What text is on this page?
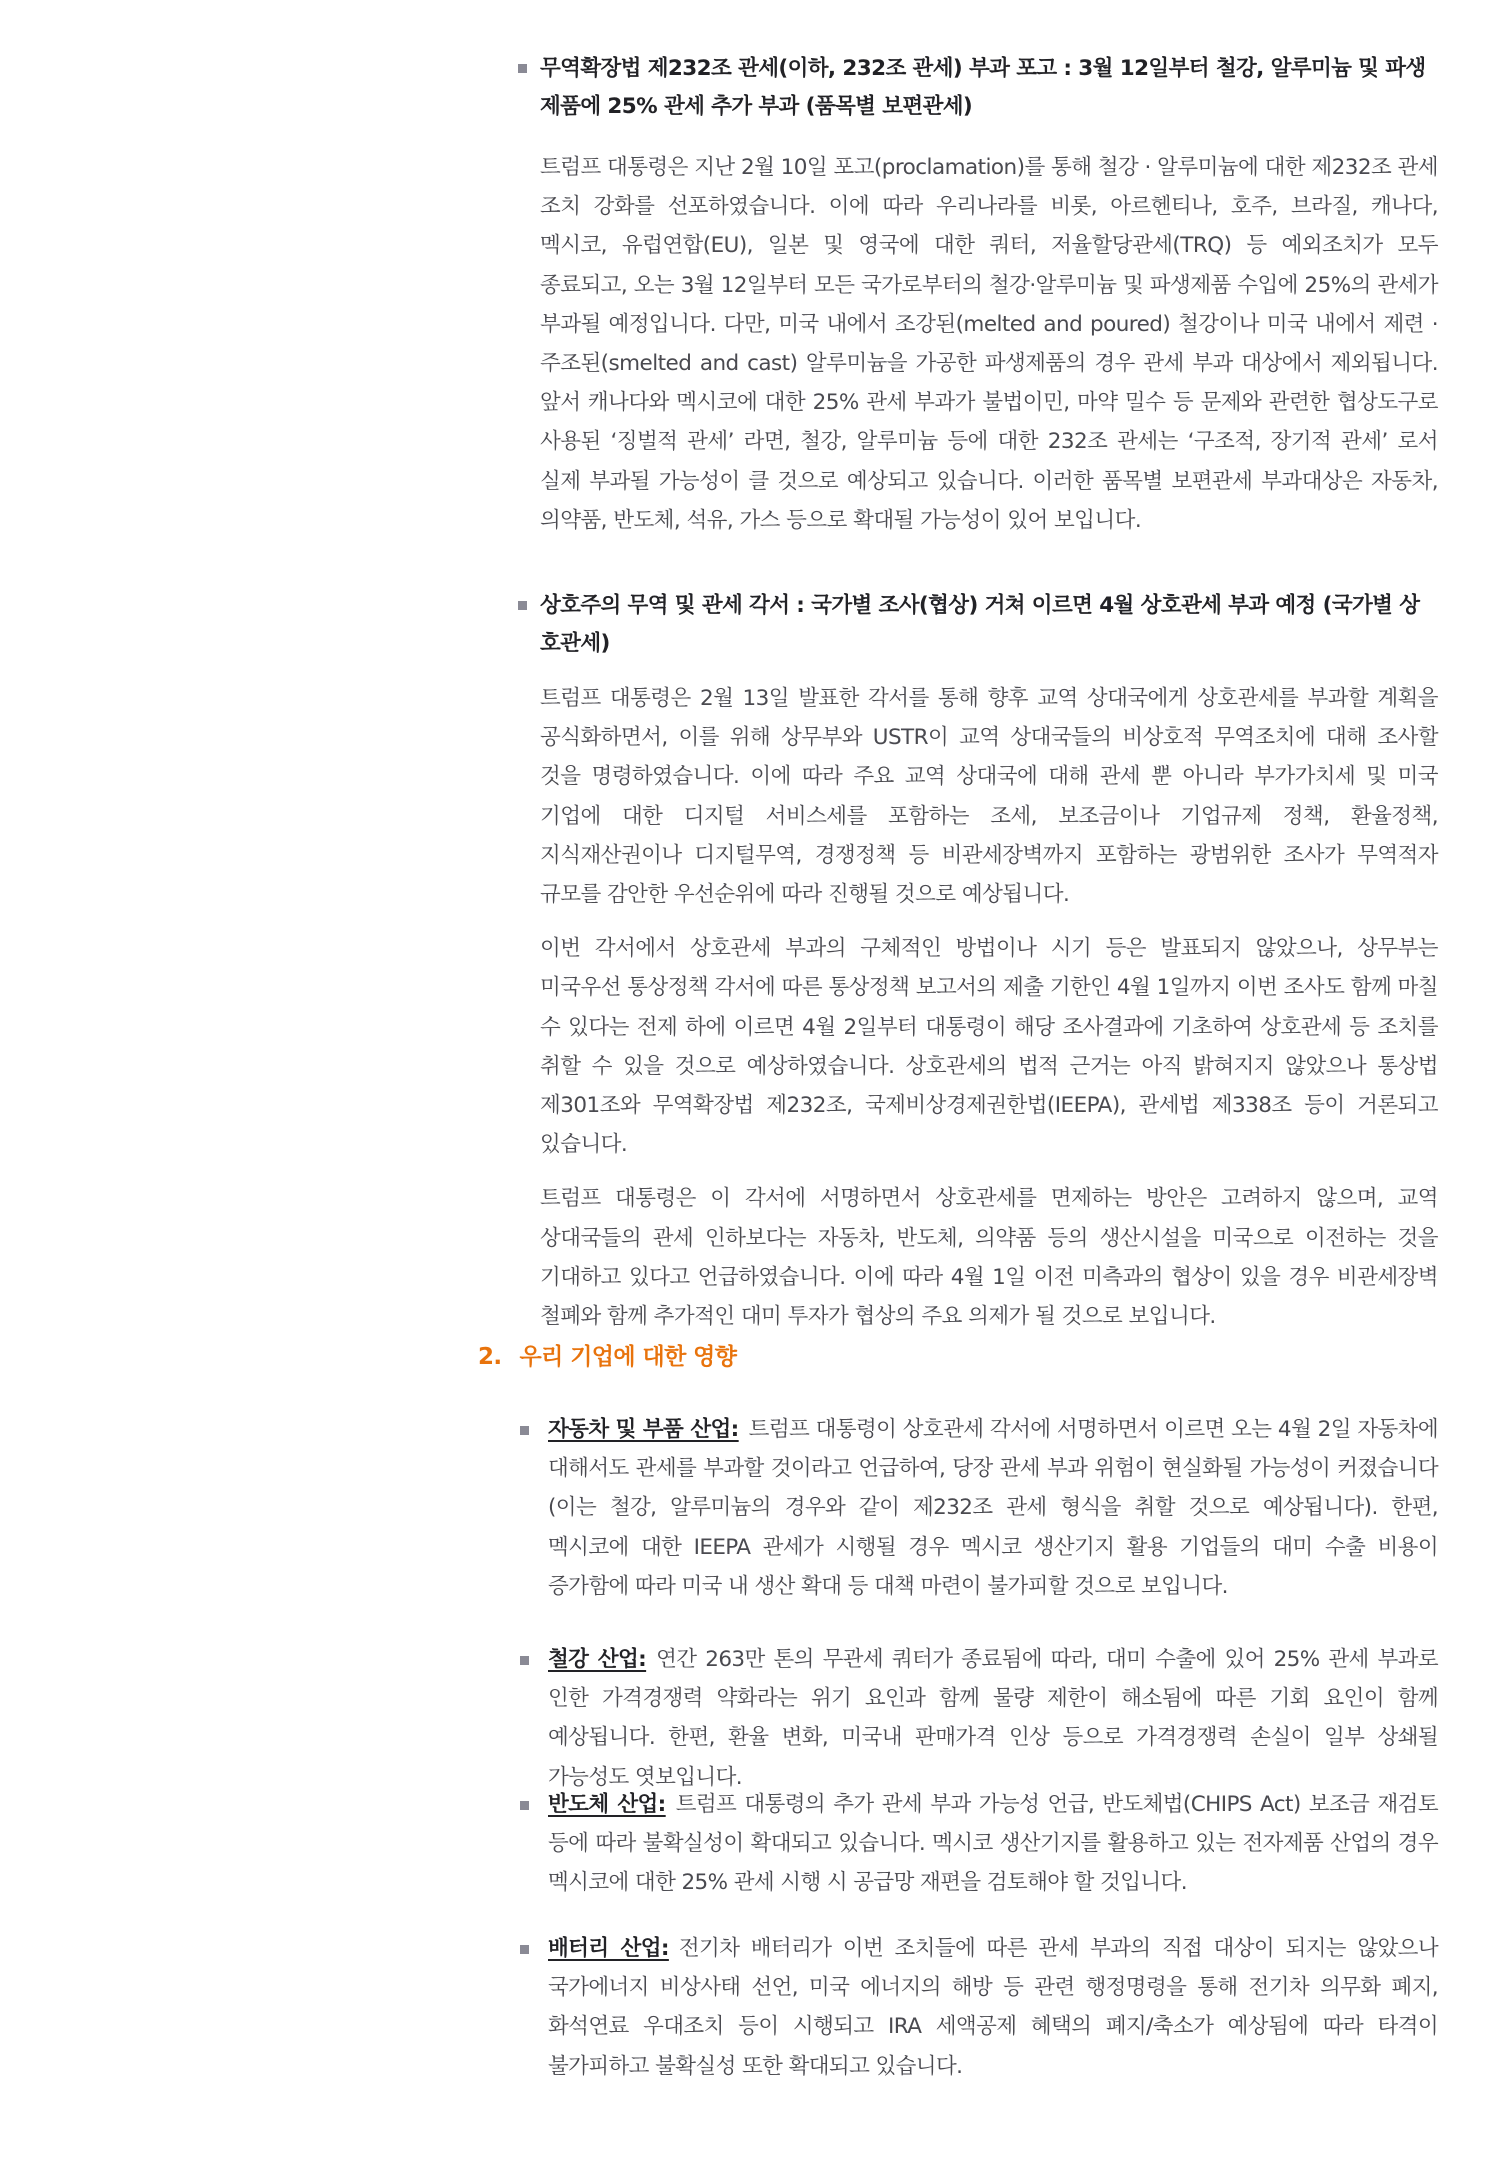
무역확장법 제232조 관세(이하, 232조 관세) 부과 포고 : 3월 12일부터 철강, 알루미늄 및 파생 제품에 25% 관세 추가 부과 (품목별 보편관세)

트럼프 대통령은 지난 2월 10일 포고(proclamation)를 통해 철강 · 알루미늄에 대한 제232조 관세 조치 강화를 선포하였습니다. 이에 따라 우리나라를 비롯, 아르헨티나, 호주, 브라질, 캐나다, 멕시코, 유럽연합(EU), 일본 및 영국에 대한 쿼터, 저율할당관세(TRQ) 등 예외조치가 모두 종료되고, 오는 3월 12일부터 모든 국가로부터의 철강·알루미늄 및 파생제품 수입에 25%의 관세가 부과될 예정입니다. 다만, 미국 내에서 조강된(melted and poured) 철강이나 미국 내에서 제련 · 주조된(smelted and cast) 알루미늄을 가공한 파생제품의 경우 관세 부과 대상에서 제외됩니다. 앞서 캐나다와 멕시코에 대한 25% 관세 부과가 불법이민, 마약 밀수 등 문제와 관련한 협상도구로 사용된 ‘징벌적 관세’ 라면, 철강, 알루미늄 등에 대한 232조 관세는 ‘구조적, 장기적 관세’ 로서 실제 부과될 가능성이 클 것으로 예상되고 있습니다. 이러한 품목별 보편관세 부과대상은 자동차, 의약품, 반도체, 석유, 가스 등으로 확대될 가능성이 있어 보입니다.

상호주의 무역 및 관세 각서 : 국가별 조사(협상) 거쳐 이르면 4월 상호관세 부과 예정 (국가별 상호관세)

트럼프 대통령은 2월 13일 발표한 각서를 통해 향후 교역 상대국에게 상호관세를 부과할 계획을 공식화하면서, 이를 위해 상무부와 USTR이 교역 상대국들의 비상호적 무역조치에 대해 조사할 것을 명령하였습니다. 이에 따라 주요 교역 상대국에 대해 관세 뿐 아니라 부가가치세 및 미국 기업에 대한 디지털 서비스세를 포함하는 조세, 보조금이나 기업규제 정책, 환율정책, 지식재산권이나 디지털무역, 경쟁정책 등 비관세장벽까지 포함하는 광범위한 조사가 무역적자 규모를 감안한 우선순위에 따라 진행될 것으로 예상됩니다.

이번 각서에서 상호관세 부과의 구체적인 방법이나 시기 등은 발표되지 않았으나, 상무부는 미국우선 통상정책 각서에 따른 통상정책 보고서의 제출 기한인 4월 1일까지 이번 조사도 함께 마칠 수 있다는 전제 하에 이르면 4월 2일부터 대통령이 해당 조사결과에 기초하여 상호관세 등 조치를 취할 수 있을 것으로 예상하였습니다. 상호관세의 법적 근거는 아직 밝혀지지 않았으나 통상법 제301조와 무역확장법 제232조, 국제비상경제권한법(IEEPA), 관세법 제338조 등이 거론되고 있습니다.

트럼프 대통령은 이 각서에 서명하면서 상호관세를 면제하는 방안은 고려하지 않으며, 교역 상대국들의 관세 인하보다는 자동차, 반도체, 의약품 등의 생산시설을 미국으로 이전하는 것을 기대하고 있다고 언급하였습니다. 이에 따라 4월 1일 이전 미측과의 협상이 있을 경우 비관세장벽 철폐와 함께 추가적인 대미 투자가 협상의 주요 의제가 될 것으로 보입니다.

2. 우리 기업에 대한 영향
자동차 및 부품 산업: 트럼프 대통령이 상호관세 각서에 서명하면서 이르면 오는 4월 2일 자동차에 대해서도 관세를 부과할 것이라고 언급하여, 당장 관세 부과 위험이 현실화될 가능성이 커졌습니다(이는 철강, 알루미늄의 경우와 같이 제232조 관세 형식을 취할 것으로 예상됩니다). 한편, 멕시코에 대한 IEEPA 관세가 시행될 경우 멕시코 생산기지 활용 기업들의 대미 수출 비용이 증가함에 따라 미국 내 생산 확대 등 대책 마련이 불가피할 것으로 보입니다.
철강 산업: 연간 263만 톤의 무관세 쿼터가 종료됨에 따라, 대미 수출에 있어 25% 관세 부과로 인한 가격경쟁력 약화라는 위기 요인과 함께 물량 제한이 해소됨에 따른 기회 요인이 함께 예상됩니다. 한편, 환율 변화, 미국내 판매가격 인상 등으로 가격경쟁력 손실이 일부 상쇄될 가능성도 엿보입니다.
반도체 산업: 트럼프 대통령의 추가 관세 부과 가능성 언급, 반도체법(CHIPS Act) 보조금 재검토 등에 따라 불확실성이 확대되고 있습니다. 멕시코 생산기지를 활용하고 있는 전자제품 산업의 경우 멕시코에 대한 25% 관세 시행 시 공급망 재편을 검토해야 할 것입니다.
배터리 산업: 전기차 배터리가 이번 조치들에 따른 관세 부과의 직접 대상이 되지는 않았으나 국가에너지 비상사태 선언, 미국 에너지의 해방 등 관련 행정명령을 통해 전기차 의무화 폐지, 화석연료 우대조치 등이 시행되고 IRA 세액공제 혜택의 폐지/축소가 예상됨에 따라 타격이 불가피하고 불확실성 또한 확대되고 있습니다.
